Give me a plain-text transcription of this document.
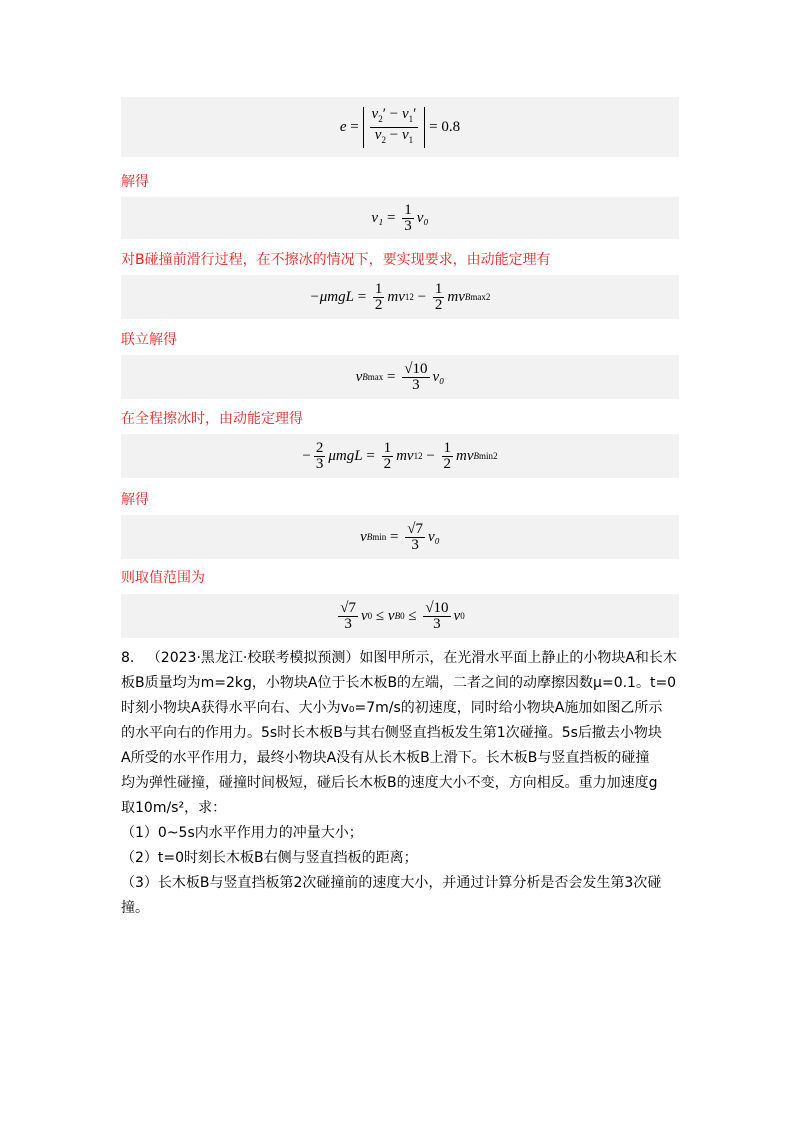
$e = \frac{v_2' - v_1'}{v_2 - v_1} = 0.8$
解得
$v_1 = \frac{1}{3} v_0$
对B碰撞前滑行过程，在不擦冰的情况下，要实现要求，由动能定理有
$-\mu mgL = \frac{1}{2}$ mv 1 $2 - \frac{1}{2}$ mv Bmax 2
联立解得
v $Bmax = \frac{√10}{3} v_0$
在全程擦冰时，由动能定理得
− $\frac{2}{3}$ $\mu mgL = \frac{1}{2}$ mv 1 $2 - \frac{1}{2}$ mv Bmin 2
解得
v $Bmin = \frac{√7}{3} v_0$
则取值范围为
$\frac{√7}{3}$ v 0 ≤ v $B0 \le \frac{√10}{3}$ v 0
8. （2023·黑龙江·校联考模拟预测）如图甲所示，在光滑水平面上静止的小物块A和长木
板B质量均为m=2kg，小物块A位于长木板B的左端，二者之间的动摩擦因数μ=0.1。t=0
时刻小物块A获得水平向右、大小为v₀=7m/s的初速度，同时给小物块A施加如图乙所示
的水平向右的作用力。5s时长木板B与其右侧竖直挡板发生第1次碰撞。5s后撤去小物块
A所受的水平作用力，最终小物块A没有从长木板B上滑下。长木板B与竖直挡板的碰撞
均为弹性碰撞，碰撞时间极短，碰后长木板B的速度大小不变，方向相反。重力加速度g
取10m/s²，求：
（1）0~5s内水平作用力的冲量大小；
（2）t=0时刻长木板B右侧与竖直挡板的距离；
（3）长木板B与竖直挡板第2次碰撞前的速度大小，并通过计算分析是否会发生第3次碰
撞。
